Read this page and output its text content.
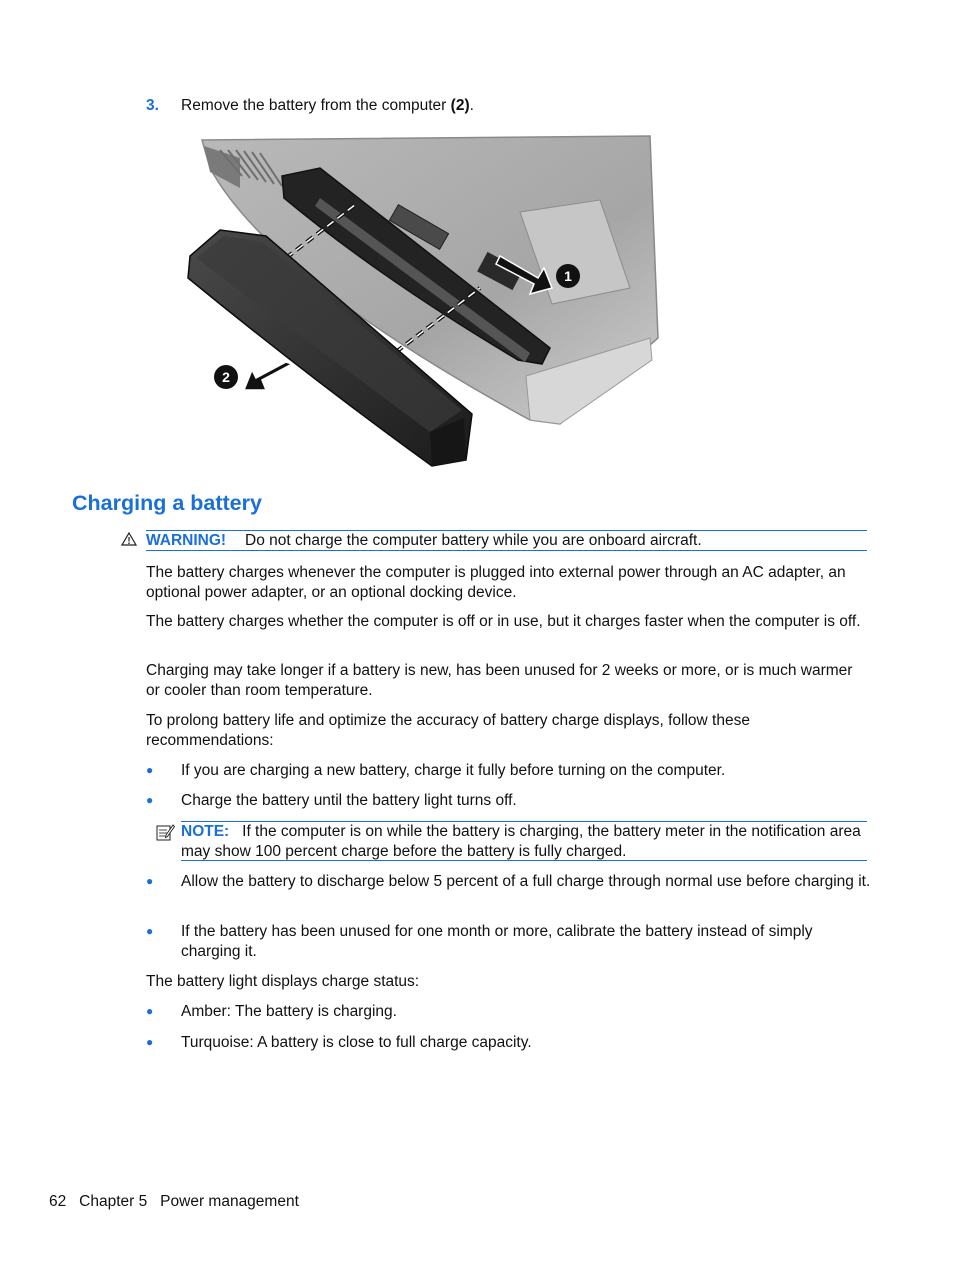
3. Remove the battery from the computer (2).
1
2
Charging a battery
WARNING! Do not charge the computer battery while you are onboard aircraft.
The battery charges whenever the computer is plugged into external power through an AC adapter, an optional power adapter, or an optional docking device.
The battery charges whether the computer is off or in use, but it charges faster when the computer is off.
Charging may take longer if a battery is new, has been unused for 2 weeks or more, or is much warmer or cooler than room temperature.
To prolong battery life and optimize the accuracy of battery charge displays, follow these recommendations:
● If you are charging a new battery, charge it fully before turning on the computer.
● Charge the battery until the battery light turns off.
NOTE: If the computer is on while the battery is charging, the battery meter in the notification area may show 100 percent charge before the battery is fully charged.
● Allow the battery to discharge below 5 percent of a full charge through normal use before charging it.
● If the battery has been unused for one month or more, calibrate the battery instead of simply charging it.
The battery light displays charge status:
● Amber: The battery is charging.
● Turquoise: A battery is close to full charge capacity.
62 Chapter 5 Power management
